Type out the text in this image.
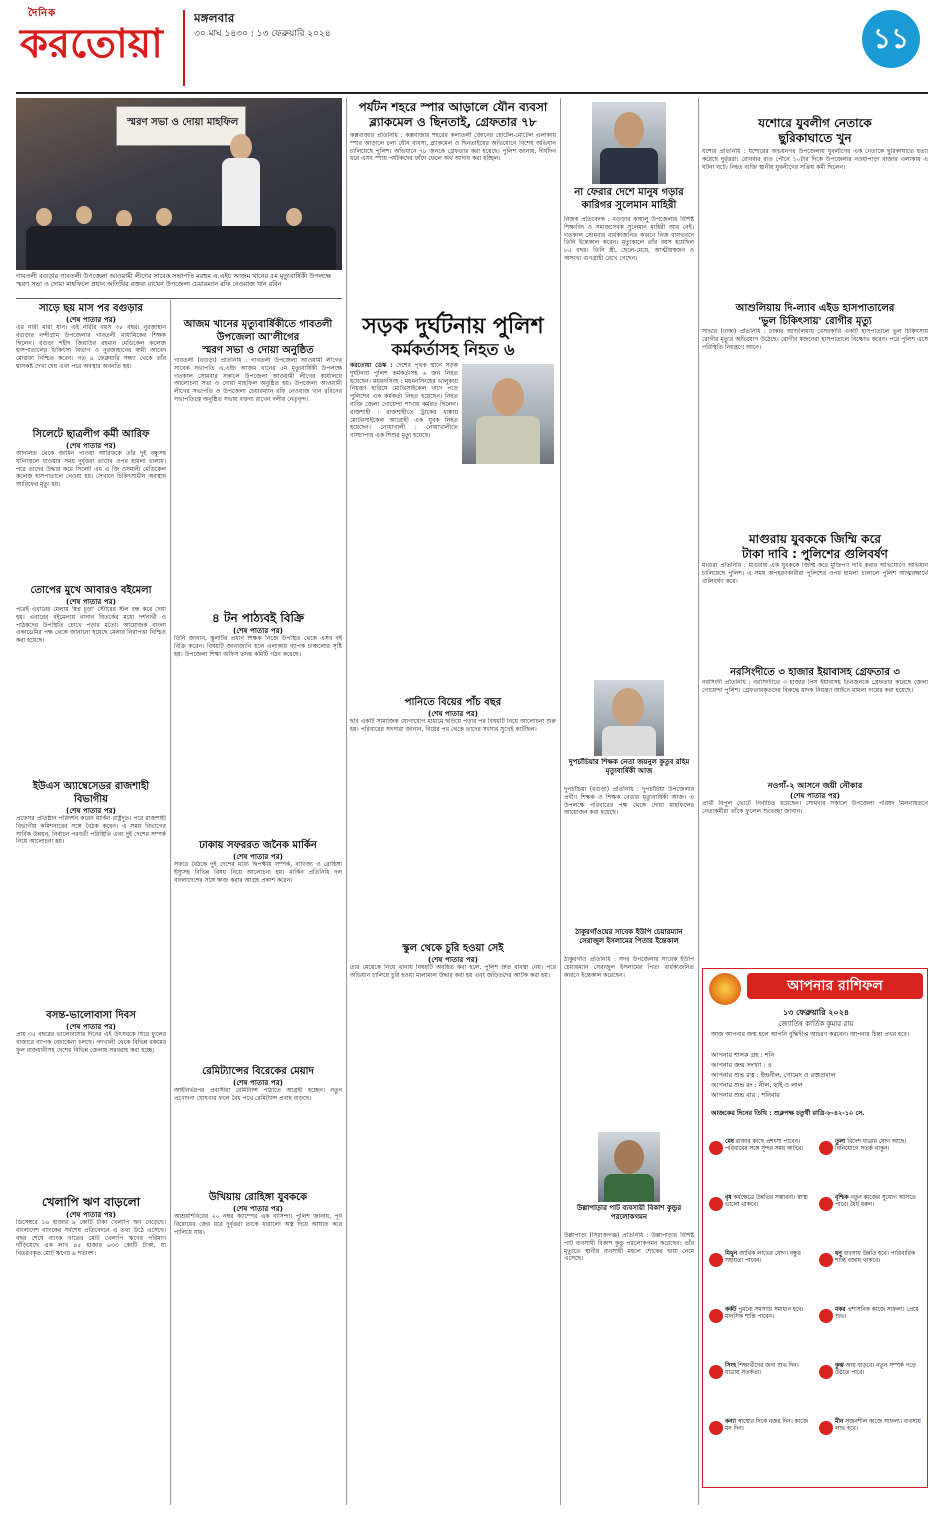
দৈনিক
করতোয়া
মঙ্গলবার
৩০ মাঘ ১৪৩০ : ১৩ ফেব্রুয়ারি ২০২৪	১১
স্মরণ সভা ও দোয়া মাহফিল
গাবতলী বগুড়ার গাবতলী উপজেলা আওয়ামী লীগের সাবেক সভাপতি মরহুম এ.এইচ আজম খানের ৫ম মৃত্যুবার্ষিকী উপলক্ষে স্মরণ সভা ও দোয়া মাহফিলে প্রধান অতিথির বক্তব্য রাখেন উপজেলা চেয়ারম্যান রফি নেওয়াজ খান রবিন
সাড়ে ছয় মাস পর বগুড়ার
(শেষ পাতার পর)
এর নারী মারা যান। এই নারীর বয়স ৩৮ বছর। নুরজাহান বগুড়ার নন্দীগ্রাম উপজেলার গাবতলী মাধ্যমিকের শিক্ষক ছিলেন। বগুড়া শহীদ জিয়াউর রহমান মেডিকেল কলেজ হাসপাতালের চিকিৎসা বিভাগ ও নুরজাহানের স্বামী আবেদ মোস্তফা নিশ্চিত করেন। গত ৯ ফেব্রুয়ারি সন্ধ্যা থেকে তাঁর শ্বাসকষ্ট দেখা দেয় এবং পরে অবস্থার অবনতি হয়।
সিলেটে ছাত্রলীগ কর্মী আরিফ
(শেষ পাতার পর)
আদালত থেকে জামিন পাওয়া আরিফকে তাঁর দুই বন্ধুসহ ঘটনাস্থলে যাওয়ার সময় দুর্বৃত্তরা তাদের ওপর হামলা চালায়। পরে তাদের উদ্ধার করে সিলেট এম এ জি ওসমানী মেডিকেল কলেজ হাসপাতালে নেওয়া হয়। সেখানে চিকিৎসাধীন অবস্থায় আরিফের মৃত্যু হয়।
তোপের মুখে আবারও বইমেলা
(শেষ পাতার পর)
পরেই এবারের মেলায় 'স্বপ্ন চূড়া' স্টোরের স্টল বন্ধ করে দেয়া হয়। এবারের বইমেলায় নানান বিতর্কের মধ্যে দর্শনার্থী ও পাঠকদের উপস্থিতি চোখে পড়ার মতো। আয়োজক বাংলা একাডেমির পক্ষ থেকে জানানো হয়েছে মেলার নিরাপত্তা নিশ্চিত করা হয়েছে।
ইউএস অ্যাম্বেসেডর রাজশাহী বিভাগীয়
(শেষ পাতার পর)
প্রফেসর প্রতিষ্ঠান পরিদর্শন করেন মার্কিন রাষ্ট্রদূত। পরে রাজশাহী বিভাগীয় কমিশনারের সঙ্গে বৈঠক করেন। এ সময় বিভাগের সার্বিক উন্নয়ন, নির্বাচন পরবর্তী পরিস্থিতি এবং দুই দেশের সম্পর্ক নিয়ে আলোচনা হয়।
বসন্ত-ভালোবাসা দিবস
(শেষ পাতার পর)
প্রায় ৩৫ বছরের ভালোবাসার দিনের এই উৎসবকে ঘিরে ফুলের বাজারে ব্যাপক বেচাকেনা চলছে। গদখালী থেকে বিভিন্ন রকমের ফুল রাজধানীসহ দেশের বিভিন্ন জেলায় সরবরাহ করা হচ্ছে।
খেলাপি ঋণ বাড়লো
(শেষ পাতার পর)
ডিসেম্বরে ১৬ হাজার ৯ কোটি টাকা খেলাপি ঋণ বেড়েছে। বাংলাদেশ ব্যাংকের সর্বশেষ প্রতিবেদনে এ তথ্য উঠে এসেছে। বছর শেষে ব্যাংক খাতের মোট খেলাপি ঋণের পরিমাণ দাঁড়িয়েছে এক লাখ ৪৫ হাজার ৬৩৩ কোটি টাকা, যা বিতরণকৃত মোট ঋণের ৯ শতাংশ।
আজম খানের মৃত্যুবার্ষিকীতে গাবতলী উপজেলা আ'লীগের
স্মরণ সভা ও দোয়া অনুষ্ঠিত
গাবতলী (বগুড়া) প্রতিনিধি : গাবতলী উপজেলা আওয়ামী লীগের সাবেক সভাপতি এ.এইচ আজম খানের ৫ম মৃত্যুবার্ষিকী উপলক্ষে গতকাল সোমবার সকালে উপজেলা আওয়ামী লীগের কার্যালয়ে আলোচনা সভা ও দোয়া মাহফিল অনুষ্ঠিত হয়। উপজেলা আওয়ামী লীগের সভাপতি ও উপজেলা চেয়ারম্যান রফি নেওয়াজ খান রবিনের সভাপতিত্বে অনুষ্ঠিত সভায় বক্তব্য রাখেন দলীয় নেতৃবৃন্দ।
৪ টন পাঠ্যবই বিক্রি
(শেষ পাতার পর)
তিনি জানান, স্কুলটির প্রধান শিক্ষক নিজে উপস্থিত থেকে এসব বই বিক্রি করেন। বিষয়টি জানাজানি হলে এলাকায় ব্যাপক চাঞ্চল্যের সৃষ্টি হয়। উপজেলা শিক্ষা অফিস তদন্ত কমিটি গঠন করেছে।
ঢাকায় সফররত জনৈক মার্কিন
(শেষ পাতার পর)
সফরে বৈঠকে দুই দেশের মধ্যে দ্বিপক্ষীয় সম্পর্ক, বাণিজ্য ও রোহিঙ্গা ইস্যুসহ বিভিন্ন বিষয় নিয়ে আলোচনা হয়। মার্কিন প্রতিনিধি দল বাংলাদেশের সঙ্গে কাজ করার আগ্রহ প্রকাশ করেন।
রেমিট্যান্সের বিরেকের মেয়াদ
(শেষ পাতার পর)
আইনির্ভরপর প্রবাসীরা রেমিট্যান্স পাঠাতে আগ্রহী হচ্ছেন। নতুন প্রণোদনা ঘোষণার ফলে বৈধ পথে রেমিট্যান্স প্রবাহ বাড়ছে।
উখিয়ায় রোহিঙ্গা যুবককে
(শেষ পাতার পর)
আশ্রয়শিবিরের ২০ নম্বর ক্যাম্পের এক বাসিন্দা। পুলিশ জানায়, পূর্ব বিরোধের জের ধরে দুর্বৃত্তরা তাকে ধারালো অস্ত্র দিয়ে আঘাত করে পালিয়ে যায়।
পর্যটন শহরে স্পার আড়ালে যৌন ব্যবসা
ব্ল্যাকমেল ও ছিনতাই, গ্রেফতার ৭৮
কক্সবাজার প্রতিনিধি : কক্সবাজার শহরের কলাতলী জোনের হোটেল-মোটেল এলাকায় স্পার আড়ালে চলা যৌন ব্যবসা, ব্ল্যাকমেল ও ছিনতাইয়ের অভিযোগে বিশেষ অভিযান চালিয়েছে পুলিশ। অভিযানে ৭৮ জনকে গ্রেফতার করা হয়েছে। পুলিশ জানায়, দীর্ঘদিন ধরে এসব স্পায় পর্যটকদের ফাঁদে ফেলে অর্থ আদায় করা হচ্ছিল।
সড়ক দুর্ঘটনায় পুলিশ
কর্মকর্তাসহ নিহত ৬
করতোয়া ডেস্ক : দেশের পৃথক স্থানে সড়ক দুর্ঘটনায় পুলিশ কর্মকর্তাসহ ৬ জন নিহত হয়েছেন। ময়মনসিংহ : ময়মনসিংহের ভালুকায় নিয়ন্ত্রণ হারিয়ে মোটরসাইকেল খাদে পড়ে পুলিশের এক কর্মকর্তা নিহত হয়েছেন। নিহত ব্যক্তি জেলা গোয়েন্দা শাখায় কর্মরত ছিলেন। রাজশাহী : রাজশাহীতে ট্রাকের ধাক্কায় মোটরসাইকেল আরোহী এক যুবক নিহত হয়েছেন। নোয়াখালী : নোয়াখালীতে বাসচাপায় এক শিশুর মৃত্যু হয়েছে।
পানিতে বিয়ের পাঁচ বছর
(শেষ পাতার পর)
ছবি একটি সামাজিক যোগাযোগ মাধ্যমে ছড়িয়ে পড়ার পর বিষয়টি নিয়ে আলোচনা শুরু হয়। পরিবারের সদস্যরা জানান, বিয়ের পর থেকে তাদের সংসার সুখেই কাটছিল।
স্কুল থেকে চুরি হওয়া সেই
(শেষ পাতার পর)
তার মেয়েকে নিয়ে থানায় বিষয়টি অবহিত করা হলে, পুলিশ দ্রুত ব্যবস্থা নেয়। পরে অভিযান চালিয়ে চুরি হওয়া মালামাল উদ্ধার করা হয় এবং জড়িতদের আটক করা হয়।
না ফেরার দেশে মানুষ গড়ার কারিগর সুলেমান মাহিরী
নিজস্ব প্রতিবেদক : বগুড়ার কাহালু উপজেলার বিশিষ্ট শিক্ষাবিদ ও সমাজসেবক সুলেমান মাহিরী আর নেই। গতকাল সোমবার বার্ধক্যজনিত কারণে নিজ বাসভবনে তিনি ইন্তেকাল করেন। মৃত্যুকালে তাঁর বয়স হয়েছিল ৮৫ বছর। তিনি স্ত্রী, ছেলে-মেয়ে, আত্মীয়স্বজন ও অসংখ্য গুণগ্রাহী রেখে গেছেন।
দুপচাঁচিয়ার শিক্ষক নেতা জয়নুল কুতুব রহিম মৃত্যুবার্ষিকী আজ
দুপচাঁচিয়া (বগুড়া) প্রতিনিধি : দুপচাঁচিয়া উপজেলার প্রবীণ শিক্ষক ও শিক্ষক নেতার মৃত্যুবার্ষিকী আজ। এ উপলক্ষে পরিবারের পক্ষ থেকে দোয়া মাহফিলের আয়োজন করা হয়েছে।
ঠাকুরগাঁওয়ের সাবেক ইউপি চেয়ারম্যান সেরাজুল ইসলামের পিতার ইন্তেকাল
ঠাকুরগাঁও প্রতিনিধি : সদর উপজেলার সাবেক ইউপি চেয়ারম্যান সেরাজুল ইসলামের পিতা বার্ধক্যজনিত কারণে ইন্তেকাল করেছেন।
উল্লাপাড়ার পাট ব্যবসায়ী বিকাশ কুন্ডুর পরলোকগমন
উল্লাপাড়া (সিরাজগঞ্জ) প্রতিনিধি : উল্লাপাড়ার বিশিষ্ট পাট ব্যবসায়ী বিকাশ কুন্ডু পরলোকগমন করেছেন। তাঁর মৃত্যুতে স্থানীয় ব্যবসায়ী মহলে শোকের ছায়া নেমে এসেছে।
যশোরে যুবলীগ নেতাকে
ছুরিকাঘাতে খুন
যশোর প্রতিনিধি : যশোরের অভয়নগর উপজেলায় যুবলীগের এক নেতাকে ছুরিকাঘাতে হত্যা করেছে দুর্বৃত্তরা। রোববার রাত পৌনে ১০টার দিকে উপজেলার নওয়াপাড়া বাজার এলাকায় এ ঘটনা ঘটে। নিহত ব্যক্তি স্থানীয় যুবলীগের সক্রিয় কর্মী ছিলেন।
আশুলিয়ায় দি-ল্যাব এইড হাসপাতালের
'ভুল চিকিৎসায়' রোগীর মৃত্যু
সাভার (ঢাকা) প্রতিনিধি : ঢাকার আশুলিয়ায় বেসরকারি একটি হাসপাতালে ভুল চিকিৎসায় রোগীর মৃত্যুর অভিযোগ উঠেছে। রোগীর স্বজনেরা হাসপাতালে বিক্ষোভ করেন। পরে পুলিশ এসে পরিস্থিতি নিয়ন্ত্রণে আনে।
মাগুরায় যুবককে জিম্মি করে
টাকা দাবি : পুলিশের গুলিবর্ষণ
মাগুরা প্রতিনিধি : মাগুরায় এক যুবককে জিম্মি করে মুক্তিপণ দাবি করার অভিযোগে অভিযান চালিয়েছে পুলিশ। এ সময় অপহরণকারীরা পুলিশের ওপর হামলা চালালে পুলিশ আত্মরক্ষার্থে গুলিবর্ষণ করে।
নরসিংদীতে ৩ হাজার ইয়াবাসহ গ্রেফতার ৩
নরসিংদী প্রতিনিধি : নরসিংদীতে ৩ হাজার পিস ইয়াবাসহ তিনজনকে গ্রেফতার করেছে জেলা গোয়েন্দা পুলিশ। গ্রেফতারকৃতদের বিরুদ্ধে মাদক নিয়ন্ত্রণ আইনে মামলা দায়ের করা হয়েছে।
নওগাঁ-২ আসনে জয়ী নৌকার
(শেষ পাতার পর)
প্রার্থী বিপুল ভোটে নির্বাচিত হয়েছেন। সোমবার সকালে উপজেলা পরিষদ মিলনায়তনে নেতাকর্মীরা তাঁকে ফুলেল শুভেচ্ছা জানান।
আপনার রাশিফল
১৩ ফেব্রুয়ারি ২০২৪
জ্যোতিষ কার্তিক কুমার রায়
আজ আপনার জন্ম হলে আপনি বুদ্ধিদীপ্ত আচরণ করবেন। আপনার চিন্তা প্রখর হবে।
আপনার শাসক গ্রহ : শনি
আপনার জন্ম সংখ্যা : ৪
আপনার শুভ রত্ন : ইন্দ্রনীল, গোমেদ ও রক্তপ্রবাল
আপনার শুভ রং : নীল, ছাই ও লাল
আপনার শুভ বার : শনিবার
আজকের দিনের তিথি : শুক্লপক্ষ চতুর্থী রাত্রি-৮-৪২-১০ সে.
মেষ রাজার কাছে প্রশংসা পাবেন। পরিবারের সঙ্গে সুন্দর সময় কাটবে।
তুলা বিদেশ যাত্রার যোগ আছে। বিনিয়োগে সতর্ক থাকুন।
বৃষ কর্মক্ষেত্রে উন্নতির সম্ভাবনা। স্বাস্থ্য ভালো থাকবে।
বৃশ্চিক নতুন কাজের সুযোগ আসতে পারে। ধৈর্য ধরুন।
মিথুন আর্থিক লাভের যোগ। বন্ধুর সহায়তা পাবেন।
ধনু ব্যবসায় উন্নতি হবে। পারিবারিক শান্তি বজায় থাকবে।
কর্কট পুরনো সমস্যার সমাধান হবে। মানসিক শান্তি পাবেন।
মকর প্রশাসনিক কাজে সাফল্য। প্রেমে শুভ।
সিংহ শিক্ষার্থীদের জন্য শুভ দিন। যাত্রায় সতর্কতা।
কুম্ভ আয় বাড়বে। নতুন সম্পর্ক গড়ে উঠতে পারে।
কন্যা স্বাস্থ্যের দিকে নজর দিন। কাজে মন দিন।
মীন সৃজনশীল কাজে সাফল্য। ব্যবসায় লাভ হবে।
